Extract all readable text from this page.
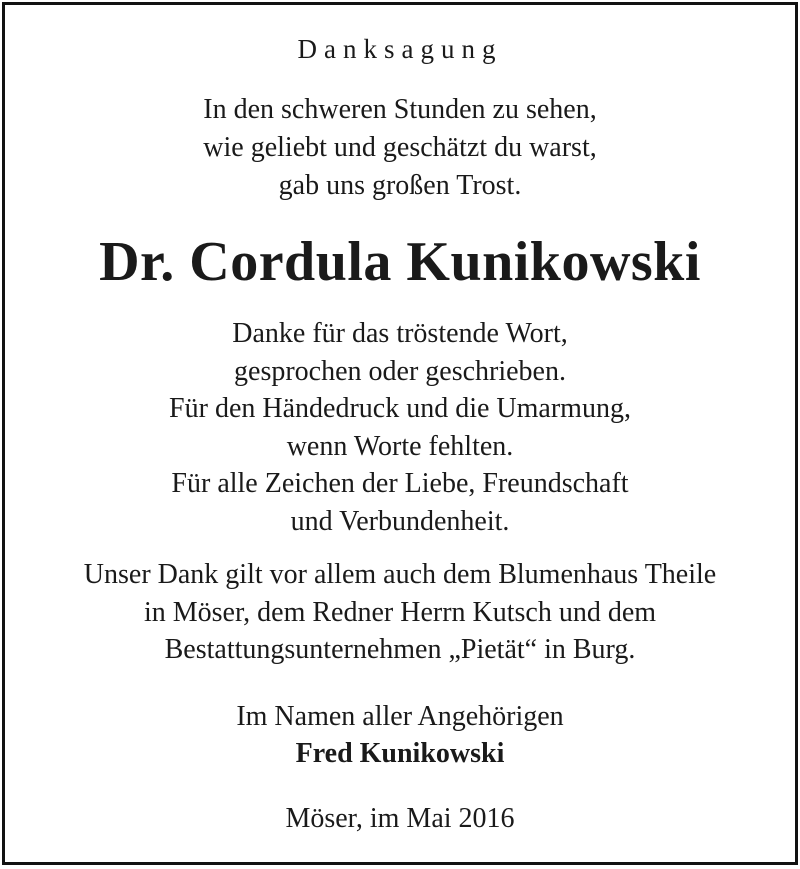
Danksagung
In den schweren Stunden zu sehen,
wie geliebt und geschätzt du warst,
gab uns großen Trost.
Dr. Cordula Kunikowski
Danke für das tröstende Wort,
gesprochen oder geschrieben.
Für den Händedruck und die Umarmung,
wenn Worte fehlten.
Für alle Zeichen der Liebe, Freundschaft
und Verbundenheit.
Unser Dank gilt vor allem auch dem Blumenhaus Theile
in Möser, dem Redner Herrn Kutsch und dem
Bestattungsunternehmen „Pietät“ in Burg.
Im Namen aller Angehörigen
Fred Kunikowski
Möser, im Mai 2016
